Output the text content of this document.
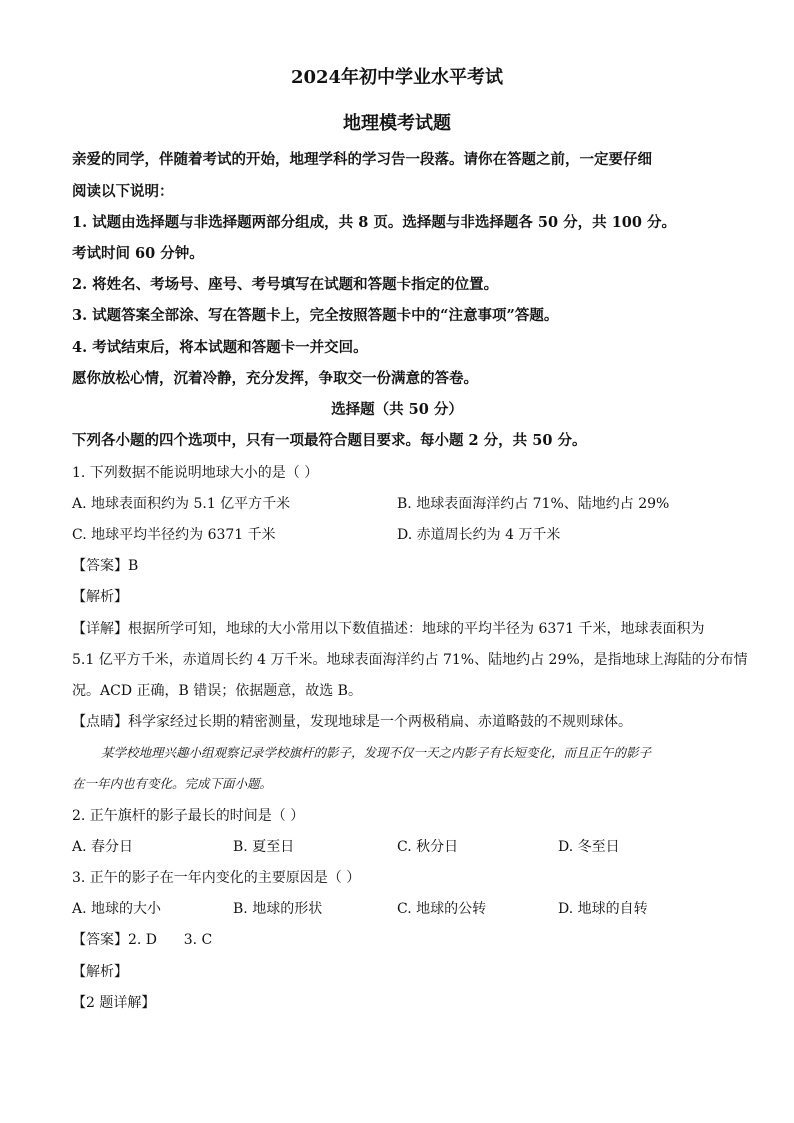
2024年初中学业水平考试
地理模考试题
亲爱的同学，伴随着考试的开始，地理学科的学习告一段落。请你在答题之前，一定要仔细
阅读以下说明：
1. 试题由选择题与非选择题两部分组成，共 8 页。选择题与非选择题各 50 分，共 100 分。
考试时间 60 分钟。
2. 将姓名、考场号、座号、考号填写在试题和答题卡指定的位置。
3. 试题答案全部涂、写在答题卡上，完全按照答题卡中的“注意事项”答题。
4. 考试结束后，将本试题和答题卡一并交回。
愿你放松心情，沉着冷静，充分发挥，争取交一份满意的答卷。
选择题（共 50 分）
下列各小题的四个选项中，只有一项最符合题目要求。每小题 2 分，共 50 分。
1. 下列数据不能说明地球大小的是（ ）
A. 地球表面积约为 5.1 亿平方千米	B. 地球表面海洋约占 71%、陆地约占 29%
C. 地球平均半径约为 6371 千米	D. 赤道周长约为 4 万千米
【答案】B
【解析】
【详解】根据所学可知，地球的大小常用以下数值描述：地球的平均半径为 6371 千米，地球表面积为
5.1 亿平方千米，赤道周长约 4 万千米。地球表面海洋约占 71%、陆地约占 29%，是指地球上海陆的分布情
况。ACD 正确，B 错误；依据题意，故选 B。
【点睛】科学家经过长期的精密测量，发现地球是一个两极稍扁、赤道略鼓的不规则球体。
某学校地理兴趣小组观察记录学校旗杆的影子，发现不仅一天之内影子有长短变化，而且正午的影子
在一年内也有变化。完成下面小题。
2. 正午旗杆的影子最长的时间是（ ）
A. 春分日	B. 夏至日	C. 秋分日	D. 冬至日
3. 正午的影子在一年内变化的主要原因是（ ）
A. 地球的大小	B. 地球的形状	C. 地球的公转	D. 地球的自转
【答案】2. D      3. C
【解析】
【2 题详解】
